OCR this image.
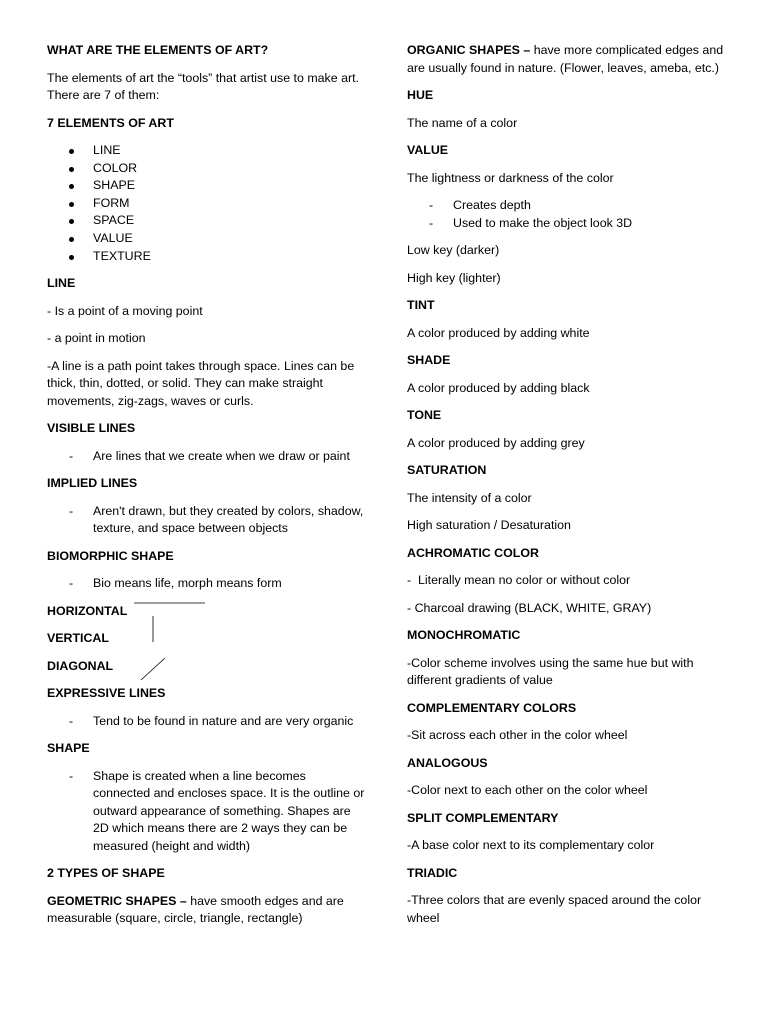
WHAT ARE THE ELEMENTS OF ART?
The elements of art the “tools” that artist use to make art. There are 7 of them:
7 ELEMENTS OF ART
LINE
COLOR
SHAPE
FORM
SPACE
VALUE
TEXTURE
LINE
- Is a point of a moving point
- a point in motion
-A line is a path point takes through space. Lines can be thick, thin, dotted, or solid. They can make straight movements, zig-zags, waves or curls.
VISIBLE LINES
- Are lines that we create when we draw or paint
IMPLIED LINES
- Aren't drawn, but they created by colors, shadow, texture, and space between objects
BIOMORPHIC SHAPE
- Bio means life, morph means form
HORIZONTAL
VERTICAL
DIAGONAL
EXPRESSIVE LINES
- Tend to be found in nature and are very organic
SHAPE
- Shape is created when a line becomes connected and encloses space. It is the outline or outward appearance of something. Shapes are 2D which means there are 2 ways they can be measured (height and width)
2 TYPES OF SHAPE
GEOMETRIC SHAPES – have smooth edges and are measurable (square, circle, triangle, rectangle)
ORGANIC SHAPES – have more complicated edges and are usually found in nature. (Flower, leaves, ameba, etc.)
HUE
The name of a color
VALUE
The lightness or darkness of the color
- Creates depth
- Used to make the object look 3D
Low key (darker)
High key (lighter)
TINT
A color produced by adding white
SHADE
A color produced by adding black
TONE
A color produced by adding grey
SATURATION
The intensity of a color
High saturation / Desaturation
ACHROMATIC COLOR
-  Literally mean no color or without color
- Charcoal drawing (BLACK, WHITE, GRAY)
MONOCHROMATIC
-Color scheme involves using the same hue but with different gradients of value
COMPLEMENTARY COLORS
-Sit across each other in the color wheel
ANALOGOUS
-Color next to each other on the color wheel
SPLIT COMPLEMENTARY
-A base color next to its complementary color
TRIADIC
-Three colors that are evenly spaced around the color wheel
